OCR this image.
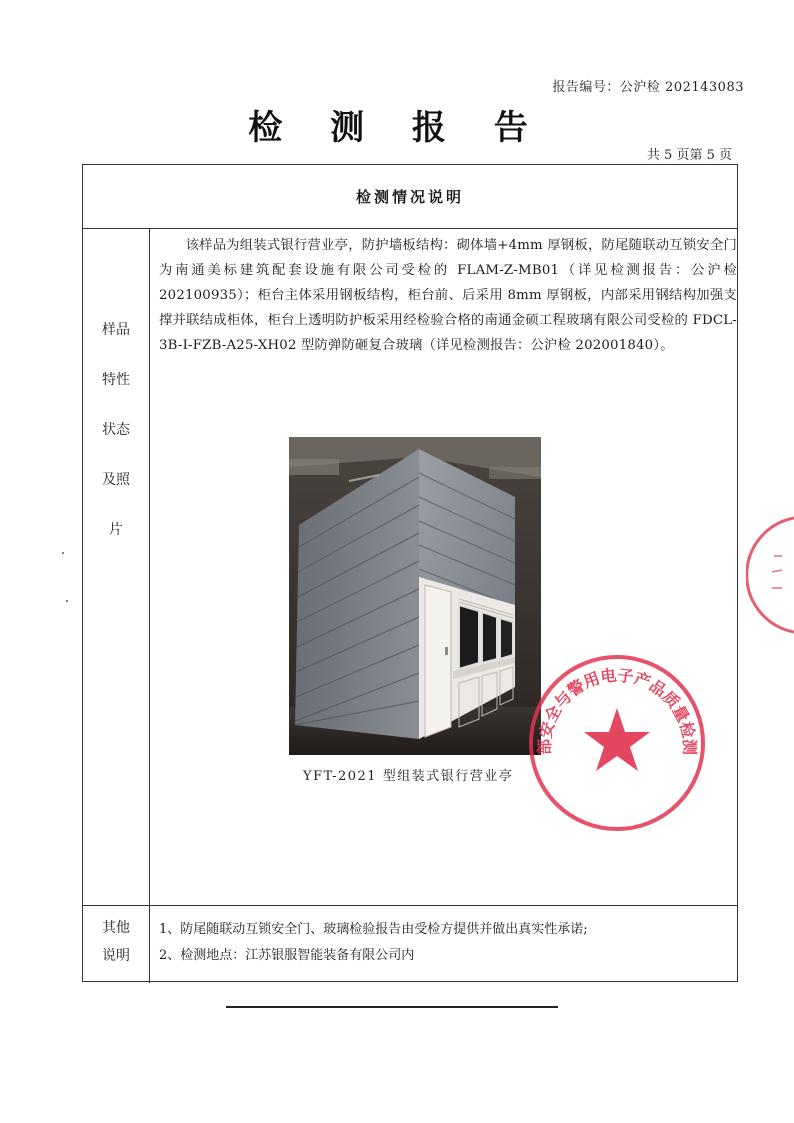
报告编号：公沪检 202143083
检 测 报 告
共 5 页第 5 页
检测情况说明
样品
特性
状态
及照
片
该样品为组装式银行营业亭，防护墙板结构：砌体墙+4mm 厚钢板，防尾随联动互锁安全门为南通美标建筑配套设施有限公司受检的 FLAM-Z-MB01（详见检测报告：公沪检 202100935）；柜台主体采用钢板结构，柜台前、后采用 8mm 厚钢板，内部采用钢结构加强支撑并联结成柜体，柜台上透明防护板采用经检验合格的南通金硕工程玻璃有限公司受检的 FDCL-3B-I-FZB-A25-XH02 型防弹防砸复合玻璃（详见检测报告：公沪检 202001840）。
YFT-2021 型组装式银行营业亭
其他
说明
1、防尾随联动互锁安全门、玻璃检验报告由受检方提供并做出真实性承诺;
2、检测地点：江苏银服智能装备有限公司内
部安全与警用电子产品质量检测
